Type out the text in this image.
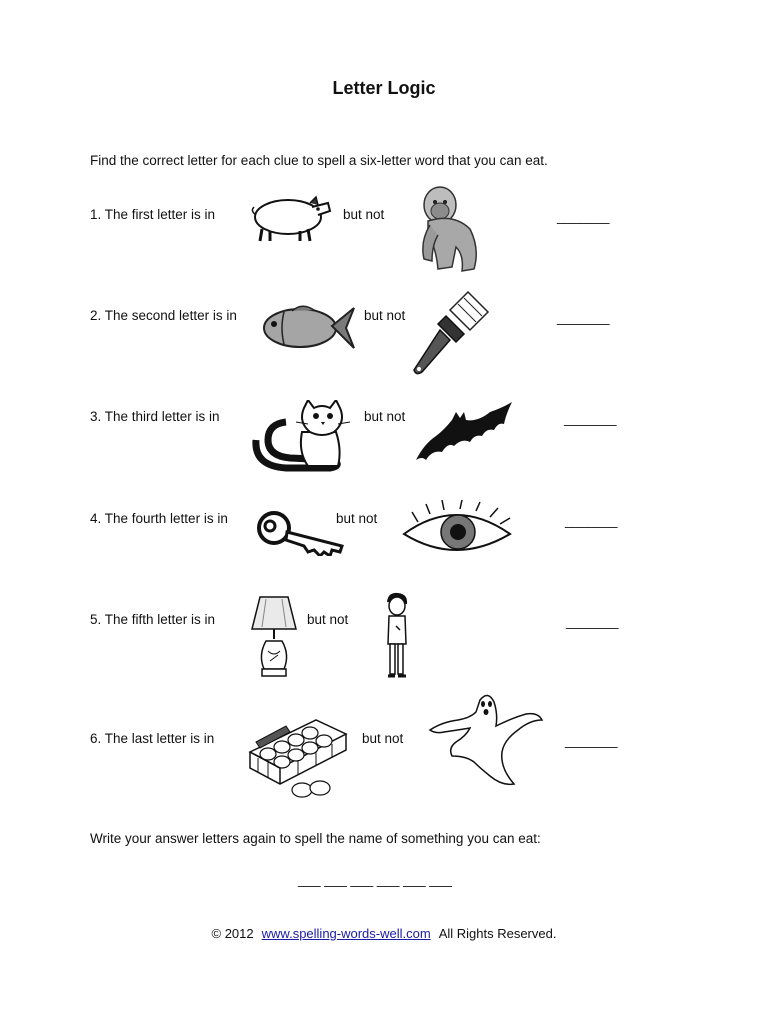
Letter Logic
Find the correct letter for each clue to spell a six-letter word that you can eat.
1. The first letter is in	but not	_______
2. The second letter is in	but not	_______
3. The third letter is in	but not	_______
4. The fourth letter is in	but not	_______
5. The fifth letter is in	but not	_______
6. The last letter is in	but not	_______
Write your answer letters again to spell the name of something you can eat:
___ ___ ___ ___ ___ ___
© 2012 www.spelling-words-well.com All Rights Reserved.
